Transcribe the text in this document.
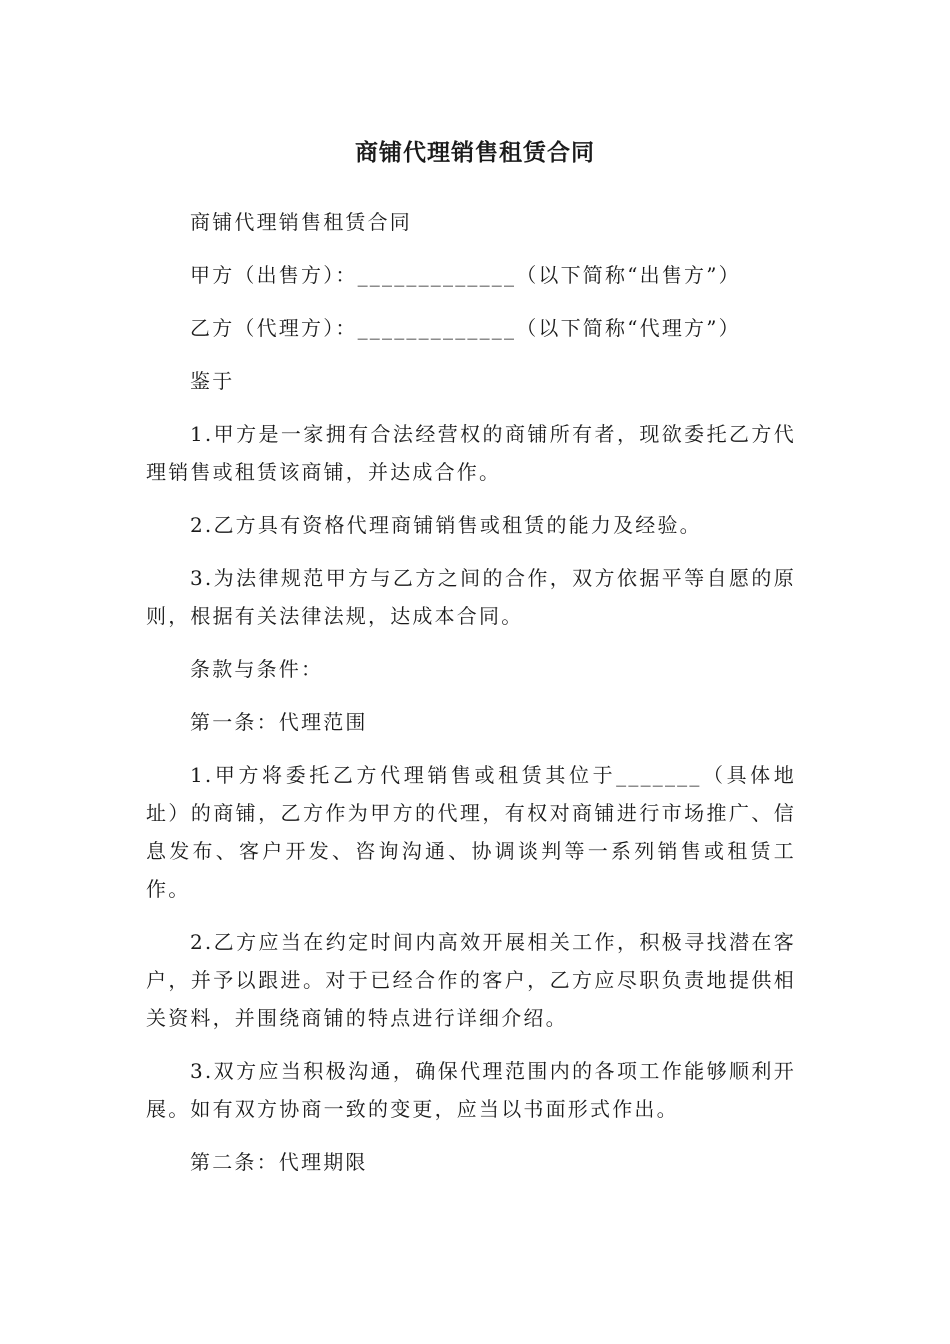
商铺代理销售租赁合同

商铺代理销售租赁合同

甲方（出售方）：_____________（以下简称“出售方”）

乙方（代理方）：_____________（以下简称“代理方”）

鉴于

1.甲方是一家拥有合法经营权的商铺所有者，现欲委托乙方代理销售或租赁该商铺，并达成合作。

2.乙方具有资格代理商铺销售或租赁的能力及经验。

3.为法律规范甲方与乙方之间的合作，双方依据平等自愿的原则，根据有关法律法规，达成本合同。

条款与条件：

第一条：代理范围

1.甲方将委托乙方代理销售或租赁其位于_______（具体地址）的商铺，乙方作为甲方的代理，有权对商铺进行市场推广、信息发布、客户开发、咨询沟通、协调谈判等一系列销售或租赁工作。

2.乙方应当在约定时间内高效开展相关工作，积极寻找潜在客户，并予以跟进。对于已经合作的客户，乙方应尽职负责地提供相关资料，并围绕商铺的特点进行详细介绍。

3.双方应当积极沟通，确保代理范围内的各项工作能够顺利开展。如有双方协商一致的变更，应当以书面形式作出。

第二条：代理期限
